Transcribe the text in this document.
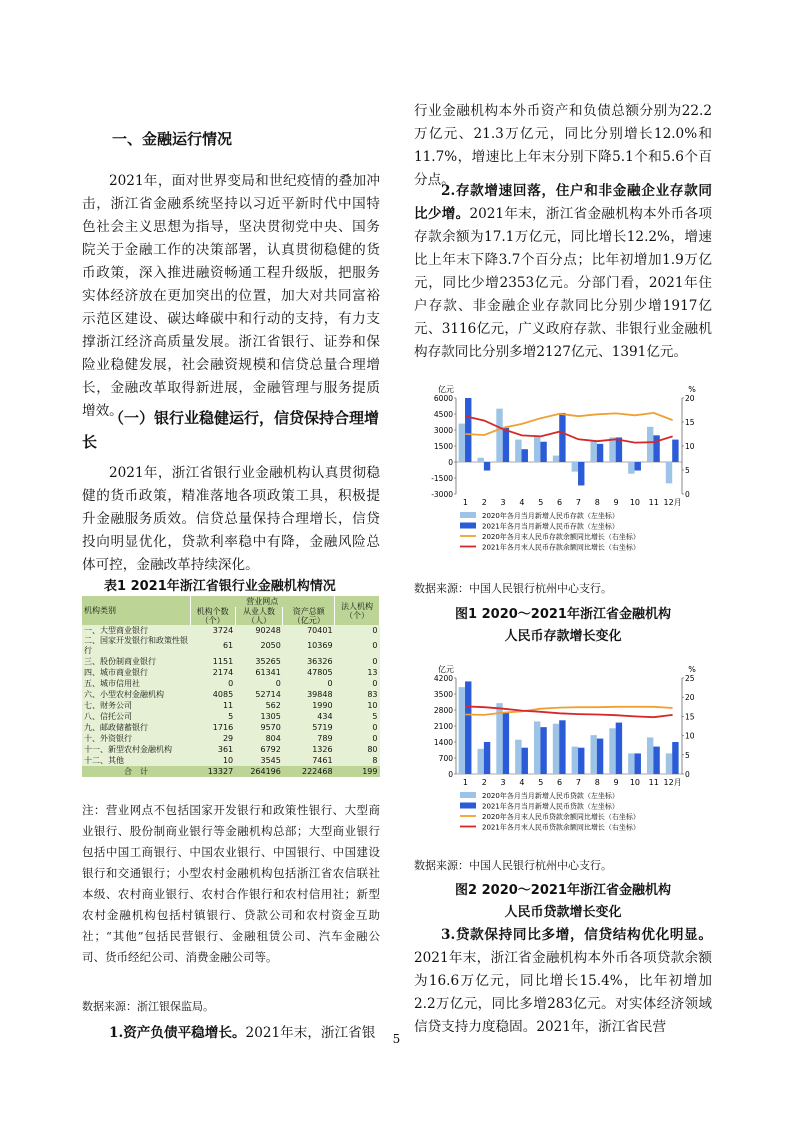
一、金融运行情况

2021年，面对世界变局和世纪疫情的叠加冲击，浙江省金融系统坚持以习近平新时代中国特色社会主义思想为指导，坚决贯彻党中央、国务院关于金融工作的决策部署，认真贯彻稳健的货币政策，深入推进融资畅通工程升级版，把服务实体经济放在更加突出的位置，加大对共同富裕示范区建设、碳达峰碳中和行动的支持，有力支撑浙江经济高质量发展。浙江省银行、证券和保险业稳健发展，社会融资规模和信贷总量合理增长，金融改革取得新进展，金融管理与服务提质增效。

（一）银行业稳健运行，信贷保持合理增长

2021年，浙江省银行业金融机构认真贯彻稳健的货币政策，精准落地各项政策工具，积极提升金融服务质效。信贷总量保持合理增长，信贷投向明显优化，贷款利率稳中有降，金融风险总体可控，金融改革持续深化。

表1 2021年浙江省银行业金融机构情况
机构类别	营业网点			法人机构（个）
	机构个数（个）	从业人数（人）	资产总额（亿元）	
一、大型商业银行	3724	90248	70401	0
二、国家开发银行和政策性银行	61	2050	10369	0
三、股份制商业银行	1151	35265	36326	0
四、城市商业银行	2174	61341	47805	13
五、城市信用社	0	0	0	0
六、小型农村金融机构	4085	52714	39848	83
七、财务公司	11	562	1990	10
八、信托公司	5	1305	434	5
九、邮政储蓄银行	1716	9570	5719	0
十、外资银行	29	804	789	0
十一、新型农村金融机构	361	6792	1326	80
十二、其他	10	3545	7461	8
合　计	13327	264196	222468	199
注：营业网点不包括国家开发银行和政策性银行、大型商业银行、股份制商业银行等金融机构总部；大型商业银行包括中国工商银行、中国农业银行、中国银行、中国建设银行和交通银行；小型农村金融机构包括浙江省农信联社本级、农村商业银行、农村合作银行和农村信用社；新型农村金融机构包括村镇银行、贷款公司和农村资金互助社；“其他”包括民营银行、金融租赁公司、汽车金融公司、货币经纪公司、消费金融公司等。
数据来源：浙江银保监局。

1.资产负债平稳增长。2021年末，浙江省银

行业金融机构本外币资产和负债总额分别为22.2万亿元、21.3万亿元，同比分别增长12.0%和11.7%，增速比上年末分别下降5.1个和5.6个百分点。

2.存款增速回落，住户和非金融企业存款同比少增。2021年末，浙江省金融机构本外币各项存款余额为17.1万亿元，同比增长12.2%，增速比上年末下降3.7个百分点；比年初增加1.9万亿元，同比少增2353亿元。分部门看，2021年住户存款、非金融企业存款同比分别少增1917亿元、3116亿元，广义政府存款、非银行业金融机构存款同比分别多增2127亿元、1391亿元。

亿元	%
6000
4500
3000
1500
0
-1500
-3000
20
15
10
5
0
1 2 3 4 5 6 7 8 9 10 11 12月
2020年各月当月新增人民币存款（左坐标）
2021年各月当月新增人民币存款（左坐标）
2020年各月末人民币存款余额同比增长（右坐标）
2021年各月末人民币存款余额同比增长（右坐标）
数据来源：中国人民银行杭州中心支行。
图1 2020～2021年浙江省金融机构
人民币存款增长变化
亿元	%
4200
3500
2800
2100
1400
700
0
25
20
15
10
5
0
1 2 3 4 5 6 7 8 9 10 11 12月
2020年各月当月新增人民币贷款（左坐标）
2021年各月当月新增人民币贷款（左坐标）
2020年各月末人民币贷款余额同比增长（右坐标）
2021年各月末人民币贷款余额同比增长（右坐标）
数据来源：中国人民银行杭州中心支行。
图2 2020～2021年浙江省金融机构
人民币贷款增长变化

3.贷款保持同比多增，信贷结构优化明显。2021年末，浙江省金融机构本外币各项贷款余额为16.6万亿元，同比增长15.4%，比年初增加2.2万亿元，同比多增283亿元。对实体经济领域信贷支持力度稳固。2021年，浙江省民营

5
